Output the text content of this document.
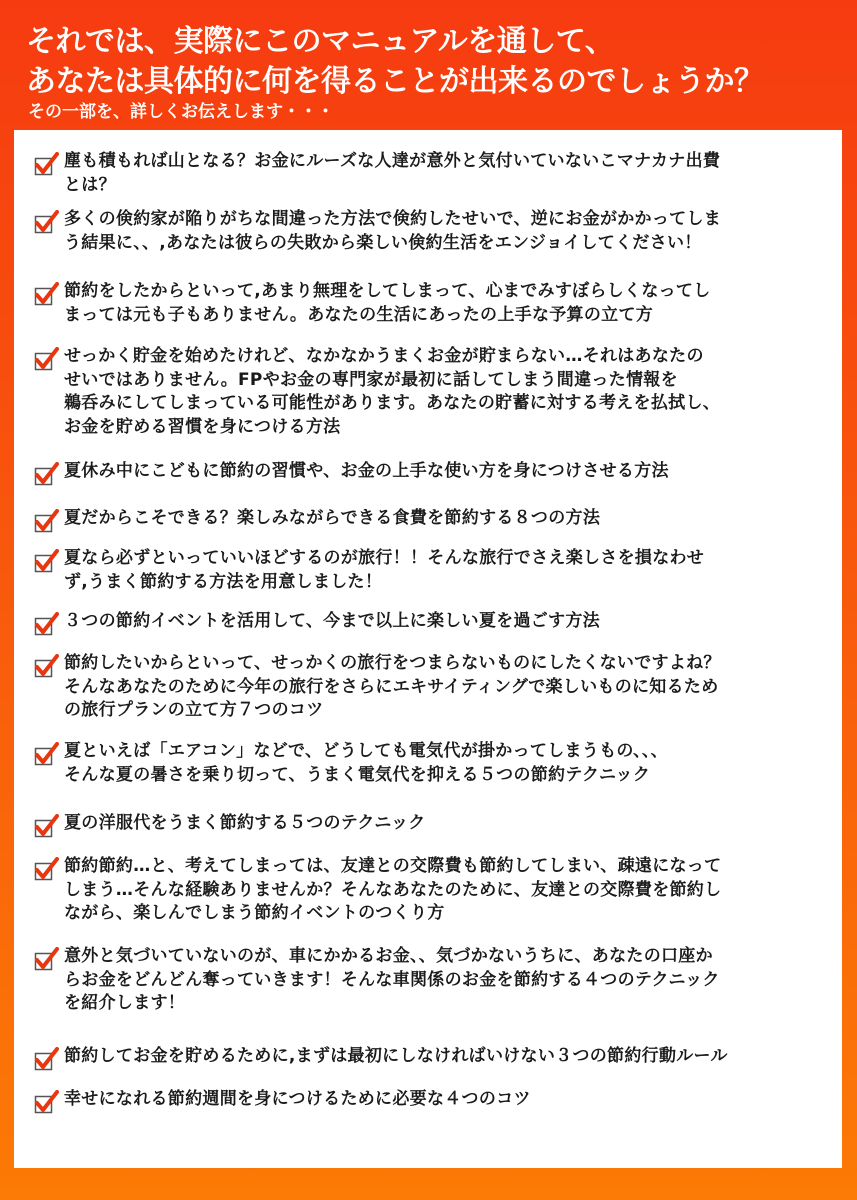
それでは、実際にこのマニュアルを通して、
あなたは具体的に何を得ることが出来るのでしょうか？

その一部を、詳しくお伝えします・・・

塵も積もれば山となる？お金にルーズな人達が意外と気付いていないこマナカナ出費
とは？

多くの倹約家が陥りがちな間違った方法で倹約したせいで、逆にお金がかかってしま
う結果に、、,あなたは彼らの失敗から楽しい倹約生活をエンジョイしてください！

節約をしたからといって,あまり無理をしてしまって、心までみすぼらしくなってし
まっては元も子もありません。あなたの生活にあったの上手な予算の立て方

せっかく貯金を始めたけれど、なかなかうまくお金が貯まらない…それはあなたの
せいではありません。FPやお金の専門家が最初に話してしまう間違った情報を
鵜呑みにしてしまっている可能性があります。あなたの貯蓄に対する考えを払拭し、
お金を貯める習慣を身につける方法

夏休み中にこどもに節約の習慣や、お金の上手な使い方を身につけさせる方法

夏だからこそできる？楽しみながらできる食費を節約する８つの方法

夏なら必ずといっていいほどするのが旅行！！そんな旅行でさえ楽しさを損なわせ
ず,うまく節約する方法を用意しました！

３つの節約イベントを活用して、今まで以上に楽しい夏を過ごす方法

節約したいからといって、せっかくの旅行をつまらないものにしたくないですよね？
そんなあなたのために今年の旅行をさらにエキサイティングで楽しいものに知るため
の旅行プランの立て方７つのコツ

夏といえば「エアコン」などで、どうしても電気代が掛かってしまうもの、、、
そんな夏の暑さを乗り切って、うまく電気代を抑える５つの節約テクニック

夏の洋服代をうまく節約する５つのテクニック

節約節約…と、考えてしまっては、友達との交際費も節約してしまい、疎遠になって
しまう…そんな経験ありませんか？そんなあなたのために、友達との交際費を節約し
ながら、楽しんでしまう節約イベントのつくり方

意外と気づいていないのが、車にかかるお金、、気づかないうちに、あなたの口座か
らお金をどんどん奪っていきます！そんな車関係のお金を節約する４つのテクニック
を紹介します！

節約してお金を貯めるために,まずは最初にしなければいけない３つの節約行動ルール

幸せになれる節約週間を身につけるために必要な４つのコツ
